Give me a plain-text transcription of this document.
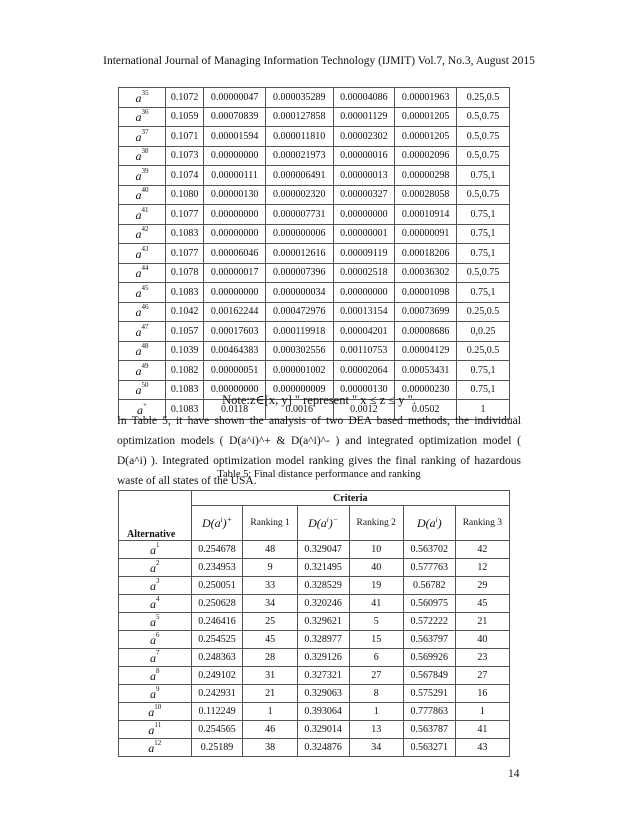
International Journal of Managing Information Technology (IJMIT) Vol.7, No.3, August 2015
$a^{35}$	0.1072	0.00000047	0.000035289	0.00004086	0.00001963	0.25,0.5
$a^{36}$	0.1059	0.00070839	0.000127858	0.00001129	0.00001205	0.5,0.75
$a^{37}$	0.1071	0.00001594	0.000011810	0.00002302	0.00001205	0.5,0.75
$a^{38}$	0.1073	0.00000000	0.000021973	0.00000016	0.00002096	0.5,0.75
$a^{39}$	0.1074	0.00000111	0.000006491	0.00000013	0.00000298	0.75,1
$a^{40}$	0.1080	0.00000130	0.000002320	0.00000327	0.00028058	0.5,0.75
$a^{41}$	0.1077	0.00000000	0.000007731	0.00000000	0.00010914	0.75,1
$a^{42}$	0.1083	0.00000000	0.000000006	0.00000001	0.00000091	0.75,1
$a^{43}$	0.1077	0.00006046	0.000012616	0.00009119	0.00018206	0.75,1
$a^{44}$	0.1078	0.00000017	0.000007396	0.00002518	0.00036302	0.5,0.75
$a^{45}$	0.1083	0.00000000	0.000000034	0.00000000	0.00001098	0.75,1
$a^{46}$	0.1042	0.00162244	0.000472976	0.00013154	0.00073699	0.25,0.5
$a^{47}$	0.1057	0.00017603	0.000119918	0.00004201	0.00008686	0,0.25
$a^{48}$	0.1039	0.00464383	0.000302556	0.00110753	0.00004129	0.25,0.5
$a^{49}$	0.1082	0.00000051	0.000001002	0.00002064	0.00053431	0.75,1
$a^{50}$	0.1083	0.00000000	0.000000009	0.00000130	0.00000230	0.75,1
a+	0.1083	0.0118	0.0016	0.0012	0.0502	1
Note:z∈[x, y] " represent " x ≤ z ≤ y ".
In Table 5, it have shown the analysis of two DEA based methods, the individual optimization models ( D(a^i)^+ & D(a^i)^- ) and integrated optimization model ( D(a^i) ). Integrated optimization model ranking gives the final ranking of hazardous waste of all states of the USA.
Table 5: Final distance performance and ranking
Alternative	Criteria					
	$D(a^i)^+$	Ranking 1	$D(a^i)^-$	Ranking 2	$D(a^i)$	Ranking 3
$a^1$	0.254678	48	0.329047	10	0.563702	42
$a^2$	0.234953	9	0.321495	40	0.577763	12
$a^3$	0.250051	33	0.328529	19	0.56782	29
$a^4$	0.250628	34	0.320246	41	0.560975	45
$a^5$	0.246416	25	0.329621	5	0.572222	21
$a^6$	0.254525	45	0.328977	15	0.563797	40
$a^7$	0.248363	28	0.329126	6	0.569926	23
$a^8$	0.249102	31	0.327321	27	0.567849	27
$a^9$	0.242931	21	0.329063	8	0.575291	16
$a^{10}$	0.112249	1	0.393064	1	0.777863	1
$a^{11}$	0.254565	46	0.329014	13	0.563787	41
$a^{12}$	0.25189	38	0.324876	34	0.563271	43
14
